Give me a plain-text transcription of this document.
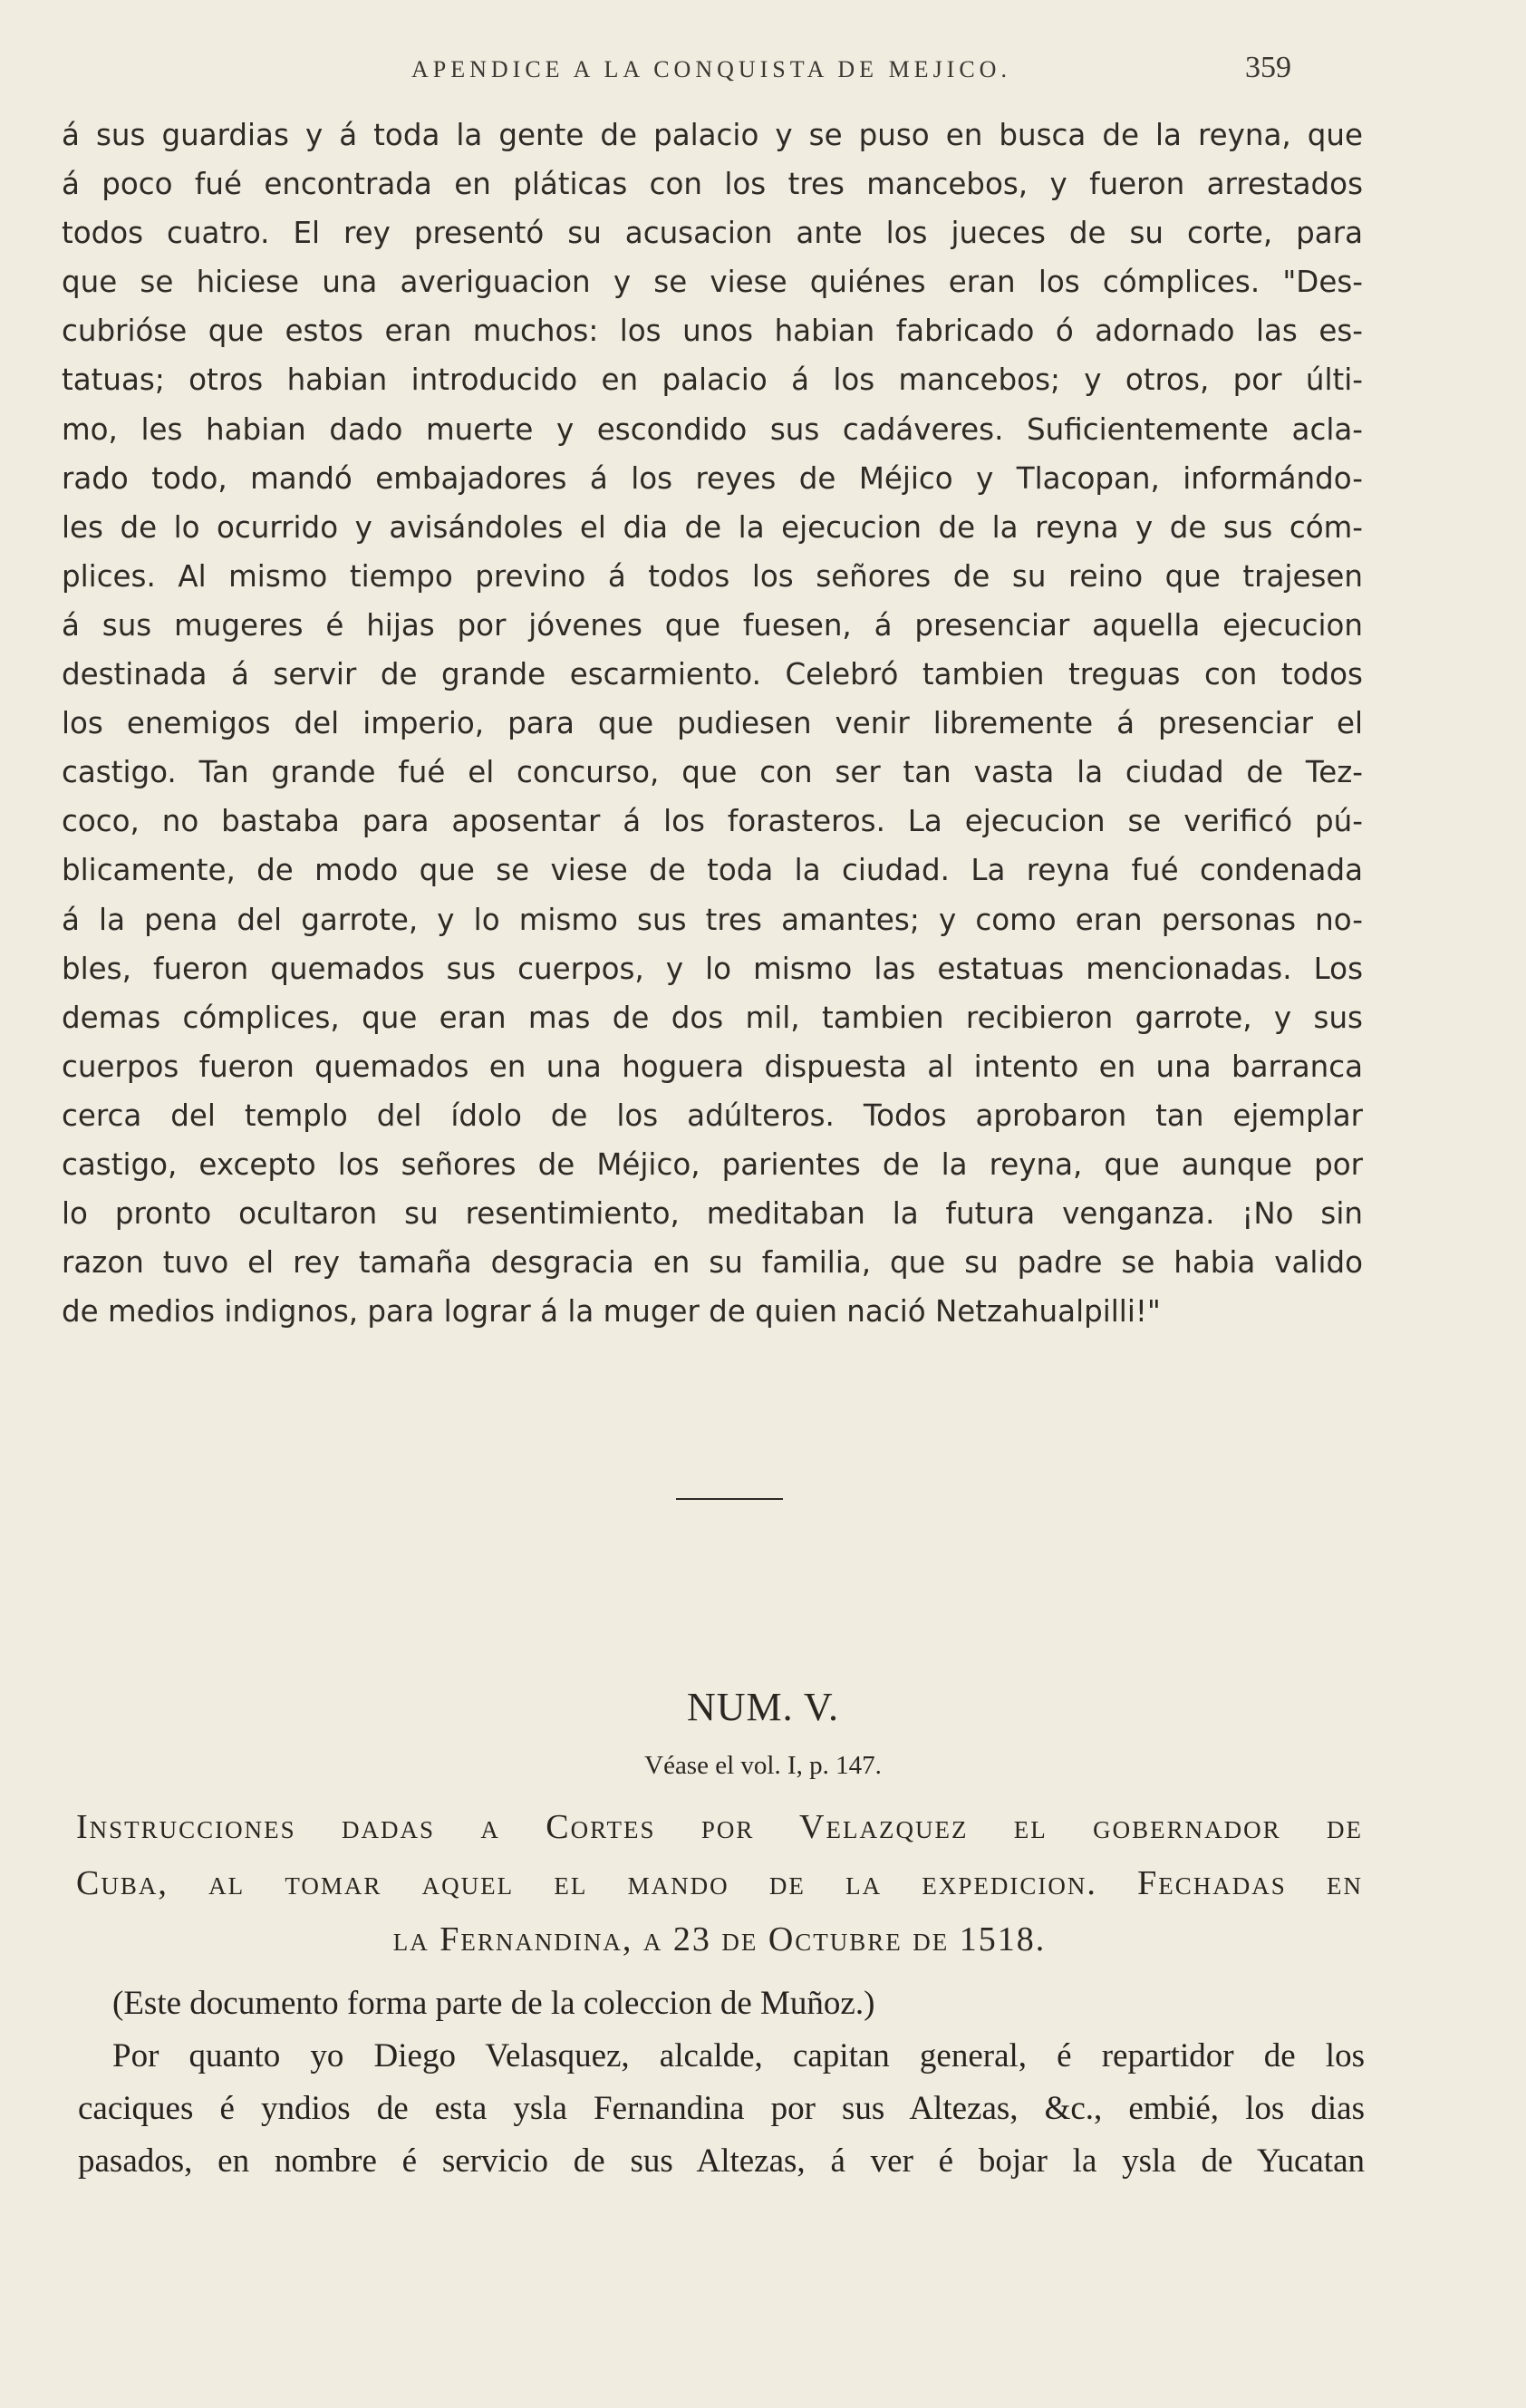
APENDICE A LA CONQUISTA DE MEJICO.	359
á sus guardias y á toda la gente de palacio y se puso en busca de la reyna, que
á poco fué encontrada en pláticas con los tres mancebos, y fueron arrestados
todos cuatro. El rey presentó su acusacion ante los jueces de su corte, para
que se hiciese una averiguacion y se viese quiénes eran los cómplices. "Des-
cubrióse que estos eran muchos: los unos habian fabricado ó adornado las es-
tatuas; otros habian introducido en palacio á los mancebos; y otros, por últi-
mo, les habian dado muerte y escondido sus cadáveres. Suficientemente acla-
rado todo, mandó embajadores á los reyes de Méjico y Tlacopan, informándo-
les de lo ocurrido y avisándoles el dia de la ejecucion de la reyna y de sus cóm-
plices. Al mismo tiempo previno á todos los señores de su reino que trajesen
á sus mugeres é hijas por jóvenes que fuesen, á presenciar aquella ejecucion
destinada á servir de grande escarmiento. Celebró tambien treguas con todos
los enemigos del imperio, para que pudiesen venir libremente á presenciar el
castigo. Tan grande fué el concurso, que con ser tan vasta la ciudad de Tez-
coco, no bastaba para aposentar á los forasteros. La ejecucion se verificó pú-
blicamente, de modo que se viese de toda la ciudad. La reyna fué condenada
á la pena del garrote, y lo mismo sus tres amantes; y como eran personas no-
bles, fueron quemados sus cuerpos, y lo mismo las estatuas mencionadas. Los
demas cómplices, que eran mas de dos mil, tambien recibieron garrote, y sus
cuerpos fueron quemados en una hoguera dispuesta al intento en una barranca
cerca del templo del ídolo de los adúlteros. Todos aprobaron tan ejemplar
castigo, excepto los señores de Méjico, parientes de la reyna, que aunque por
lo pronto ocultaron su resentimiento, meditaban la futura venganza. ¡No sin
razon tuvo el rey tamaña desgracia en su familia, que su padre se habia valido
de medios indignos, para lograr á la muger de quien nació Netzahualpilli!"
NUM. V.
Véase el vol. I, p. 147.
Instrucciones dadas a Cortes por Velazquez el gobernador de
Cuba, al tomar aquel el mando de la expedicion. Fechadas en
la Fernandina, a 23 de Octubre de 1518.
(Este documento forma parte de la coleccion de Muñoz.)
Por quanto yo Diego Velasquez, alcalde, capitan general, é repartidor de los
caciques é yndios de esta ysla Fernandina por sus Altezas, &c., embié, los dias
pasados, en nombre é servicio de sus Altezas, á ver é bojar la ysla de Yucatan
